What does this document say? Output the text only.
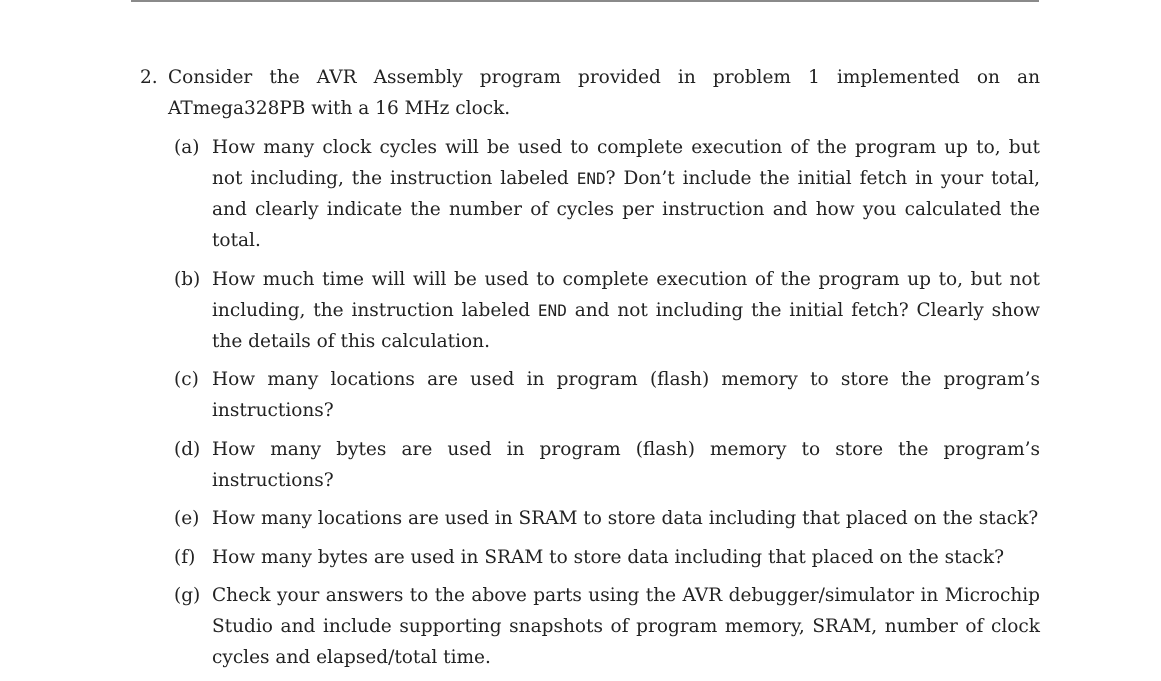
2. Consider the AVR Assembly program provided in problem 1 implemented on an ATmega328PB with a 16 MHz clock.
(a) How many clock cycles will be used to complete execution of the program up to, but not including, the instruction labeled END? Don’t include the initial fetch in your total, and clearly indicate the number of cycles per instruction and how you calculated the total.
(b) How much time will will be used to complete execution of the program up to, but not including, the instruction labeled END and not including the initial fetch? Clearly show the details of this calculation.
(c) How many locations are used in program (flash) memory to store the program’s instructions?
(d) How many bytes are used in program (flash) memory to store the program’s instructions?
(e) How many locations are used in SRAM to store data including that placed on the stack?
(f) How many bytes are used in SRAM to store data including that placed on the stack?
(g) Check your answers to the above parts using the AVR debugger/simulator in Microchip Studio and include supporting snapshots of program memory, SRAM, number of clock cycles and elapsed/total time.
